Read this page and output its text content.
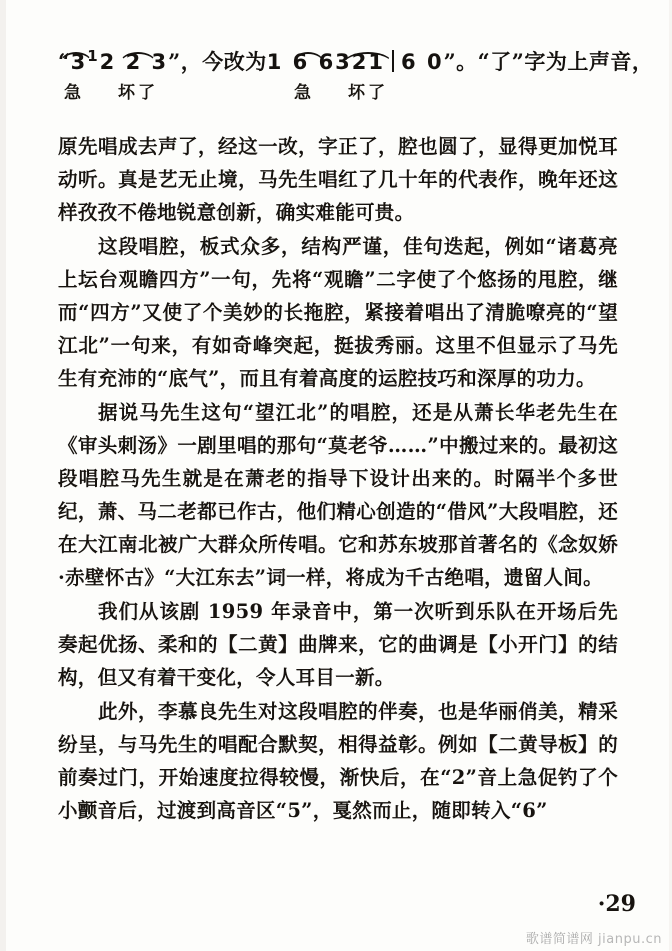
“$3^12$ 2 3”，今改为1 6 6321 6 0”。“了”字为上声音，
急 坏了	急 坏了

原先唱成去声了，经这一改，字正了，腔也圆了，显得更加悦耳动听。真是艺无止境，马先生唱红了几十年的代表作，晚年还这样孜孜不倦地锐意创新，确实难能可贵。

这段唱腔，板式众多，结构严谨，佳句迭起，例如“诸葛亮上坛台观瞻四方”一句，先将“观瞻”二字使了个悠扬的甩腔，继而“四方”又使了个美妙的长拖腔，紧接着唱出了清脆嘹亮的“望江北”一句来，有如奇峰突起，挺拔秀丽。这里不但显示了马先生有充沛的“底气”，而且有着高度的运腔技巧和深厚的功力。

据说马先生这句“望江北”的唱腔，还是从萧长华老先生在《审头刺汤》一剧里唱的那句“莫老爷……”中搬过来的。最初这段唱腔马先生就是在萧老的指导下设计出来的。时隔半个多世纪，萧、马二老都已作古，他们精心创造的“借风”大段唱腔，还在大江南北被广大群众所传唱。它和苏东坡那首著名的《念奴娇·赤壁怀古》“大江东去”词一样，将成为千古绝唱，遗留人间。

我们从该剧 1959 年录音中，第一次听到乐队在开场后先奏起优扬、柔和的【二黄】曲牌来，它的曲调是【小开门】的结构，但又有着干变化，令人耳目一新。

此外，李慕良先生对这段唱腔的伴奏，也是华丽俏美，精采纷呈，与马先生的唱配合默契，相得益彰。例如【二黄导板】的前奏过门，开始速度拉得较慢，渐快后，在“2”音上急促钓了个小颤音后，过渡到高音区“5”，戛然而止，随即转入“6”

·29
歌谱简谱网 jianpu.cn
